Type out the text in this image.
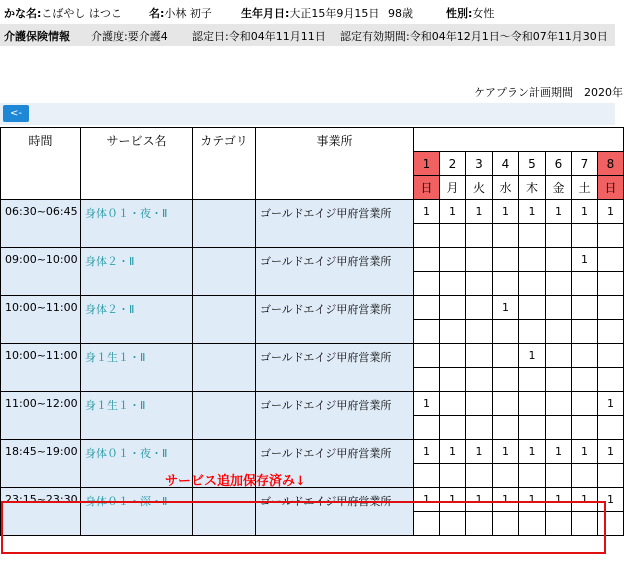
かな名:こばやし はつこ 名:小林 初子	生年月日:大正15年9月15日 98歳	性別:女性
介護保険情報 介護度:要介護4 認定日:令和04年11月11日 認定有効期間:令和04年12月1日～令和07年11月30日
ケアプラン計画期間　2020年
<-
時間	サービス名	カテゴリ	事業所								
				1	2	3	4	5	6	7	8
				日	月	火	水	木	金	土	日
06:30~06:45	身体０１・夜・Ⅱ		ゴールドエイジ甲府営業所	1	1	1	1	1	1	1	1

09:00~10:00	身体２・Ⅱ		ゴールドエイジ甲府営業所							1	

10:00~11:00	身体２・Ⅱ		ゴールドエイジ甲府営業所				1				

10:00~11:00	身１生１・Ⅱ		ゴールドエイジ甲府営業所					1			

11:00~12:00	身１生１・Ⅱ		ゴールドエイジ甲府営業所	1							1

18:45~19:00	身体０１・夜・Ⅱ		ゴールドエイジ甲府営業所	1	1	1	1	1	1	1	1

23:15~23:30	身体０１・深・Ⅱ		ゴールドエイジ甲府営業所	1	1	1	1	1	1	1	1

サービス追加保存済み↓
